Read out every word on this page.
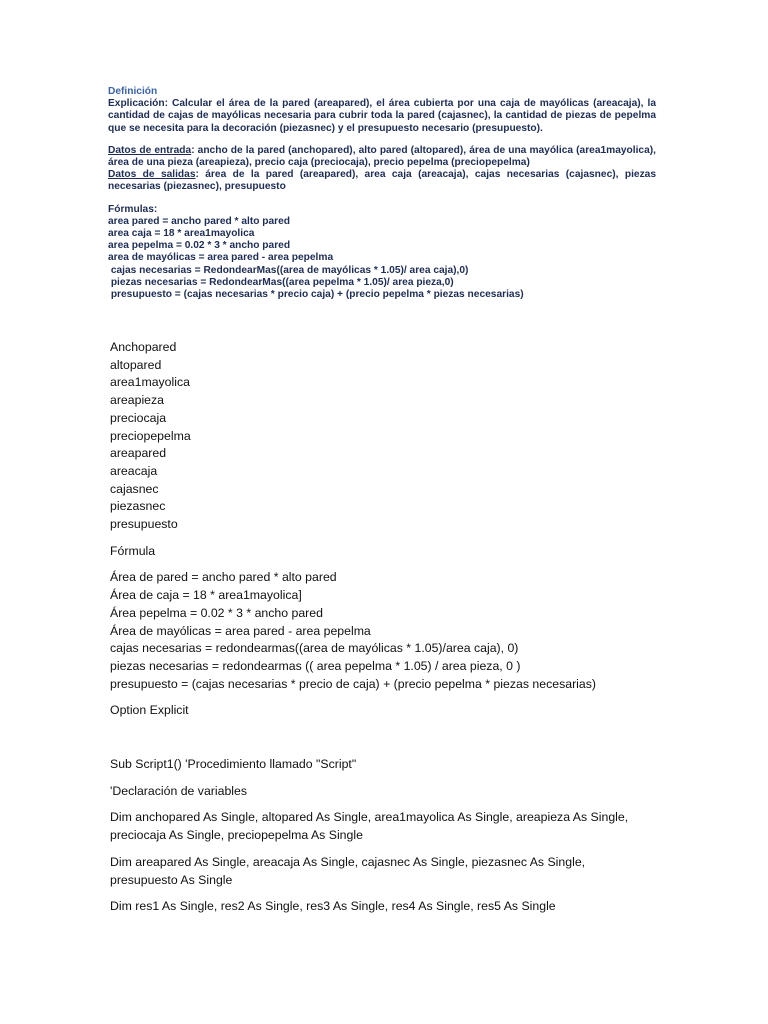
Definición

Explicación: Calcular el área de la pared (areapared), el área cubierta por una caja de mayólicas (areacaja), la cantidad de cajas de mayólicas necesaria para cubrir toda la pared (cajasnec), la cantidad de piezas de pepelma que se necesita para la decoración (piezasnec) y el presupuesto necesario (presupuesto).

Datos de entrada: ancho de la pared (anchopared), alto pared (altopared), área de una mayólica (area1mayolica), área de una pieza (areapieza), precio caja (preciocaja), precio pepelma (preciopepelma)

Datos de salidas: área de la pared (areapared), area caja (areacaja), cajas necesarias (cajasnec), piezas necesarias (piezasnec), presupuesto

Fórmulas:
area pared = ancho pared * alto pared
area caja = 18 * area1mayolica
area pepelma = 0.02 * 3 * ancho pared
area de mayólicas = area pared - area pepelma
cajas necesarias = RedondearMas((area de mayólicas * 1.05)/ area caja),0)
piezas necesarias = RedondearMas((area pepelma * 1.05)/ area pieza,0)
presupuesto = (cajas necesarias * precio caja) + (precio pepelma * piezas necesarias)
Anchopared
altopared
area1mayolica
areapieza
preciocaja
preciopepelma
areapared
areacaja
cajasnec
piezasnec
presupuesto
Fórmula
Área de pared = ancho pared * alto pared
Área de caja = 18 * area1mayolica]
Área pepelma = 0.02 * 3 * ancho pared
Área de mayólicas = area pared - area pepelma
cajas necesarias = redondearmas((area de mayólicas * 1.05)/area caja), 0)
piezas necesarias = redondearmas (( area pepelma * 1.05) / area pieza, 0 )
presupuesto = (cajas necesarias * precio de caja) + (precio pepelma * piezas necesarias)
Option Explicit
Sub Script1() 'Procedimiento llamado "Script"
'Declaración de variables
Dim anchopared As Single, altopared As Single, area1mayolica As Single, areapieza As Single,
preciocaja As Single, preciopepelma As Single
Dim areapared As Single, areacaja As Single, cajasnec As Single, piezasnec As Single,
presupuesto As Single
Dim res1 As Single, res2 As Single, res3 As Single, res4 As Single, res5 As Single
